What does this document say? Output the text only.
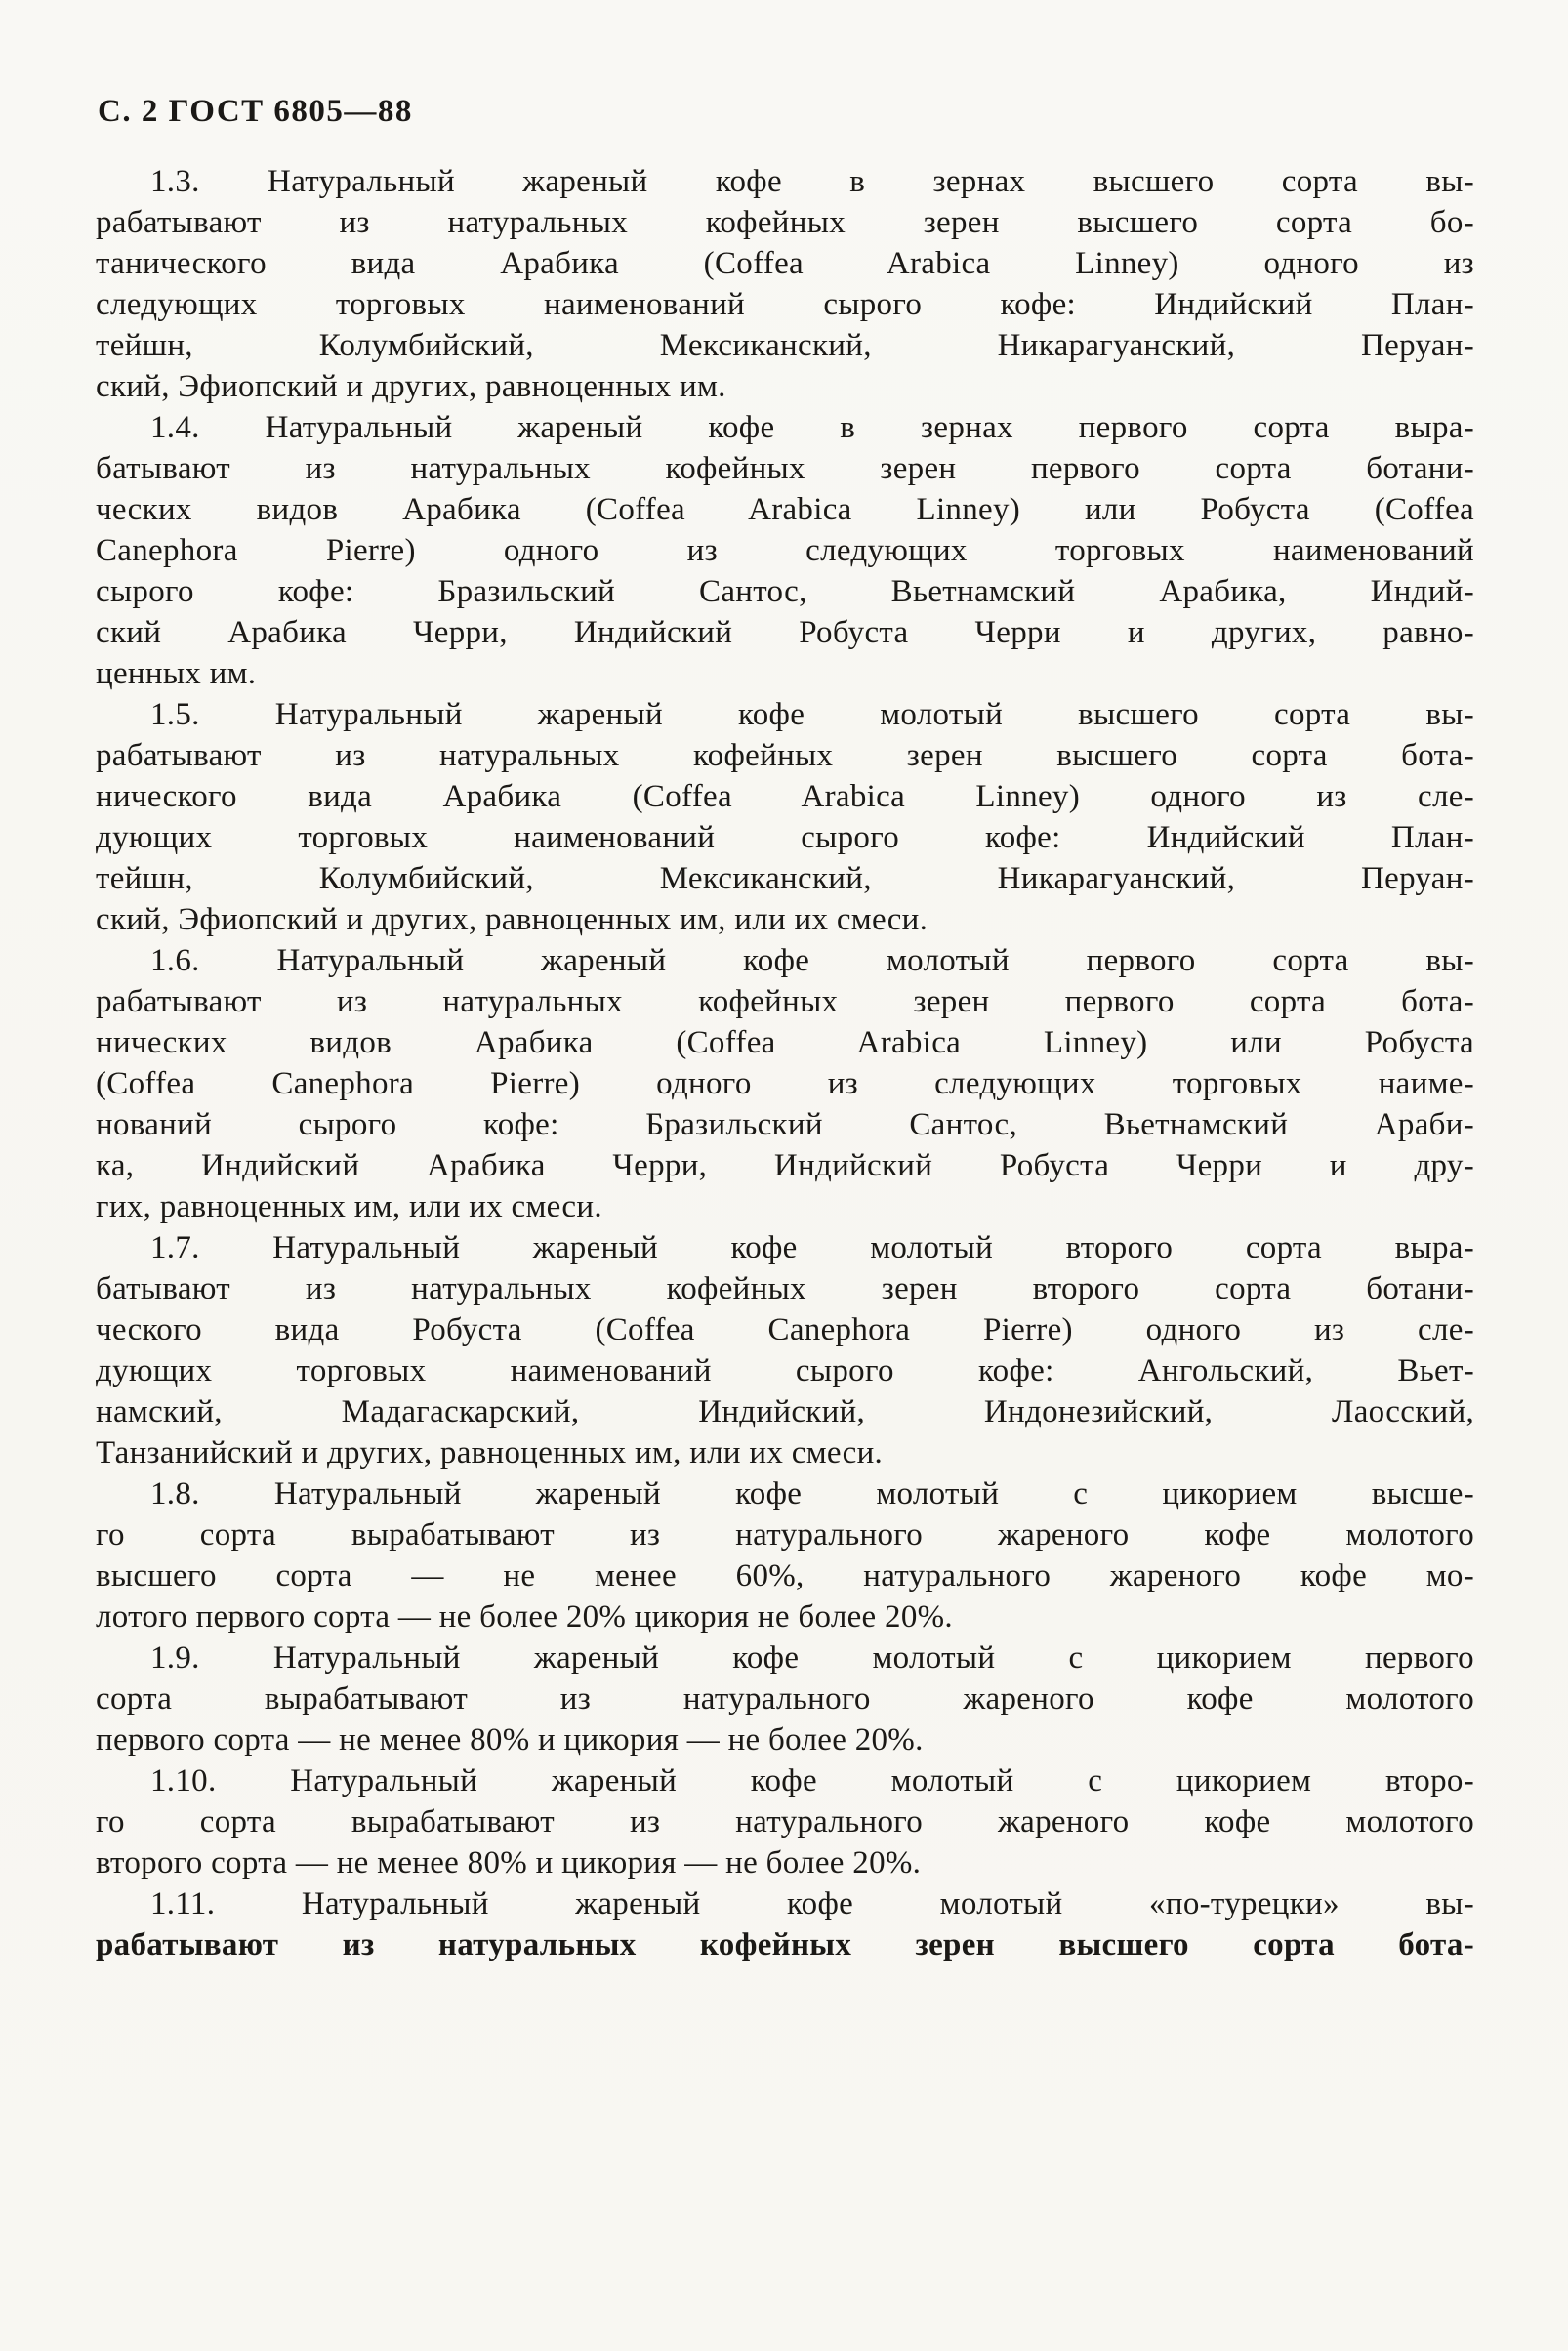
С. 2 ГОСТ 6805—88
1.3. Натуральный жареный кофе в зернах высшего сорта вы-
рабатывают из натуральных кофейных зерен высшего сорта бо-
танического вида Арабика (Coffea Arabica Linney) одного из
следующих торговых наименований сырого кофе: Индийский План-
тейшн, Колумбийский, Мексиканский, Никарагуанский, Перуан-
ский, Эфиопский и других, равноценных им.
1.4. Натуральный жареный кофе в зернах первого сорта выра-
батывают из натуральных кофейных зерен первого сорта ботани-
ческих видов Арабика (Coffea Arabica Linney) или Робуста (Coffea
Canephora Pierre) одного из следующих торговых наименований
сырого кофе: Бразильский Сантос, Вьетнамский Арабика, Индий-
ский Арабика Черри, Индийский Робуста Черри и других, равно-
ценных им.
1.5. Натуральный жареный кофе молотый высшего сорта вы-
рабатывают из натуральных кофейных зерен высшего сорта бота-
нического вида Арабика (Coffea Arabica Linney) одного из сле-
дующих торговых наименований сырого кофе: Индийский План-
тейшн, Колумбийский, Мексиканский, Никарагуанский, Перуан-
ский, Эфиопский и других, равноценных им, или их смеси.
1.6. Натуральный жареный кофе молотый первого сорта вы-
рабатывают из натуральных кофейных зерен первого сорта бота-
нических видов Арабика (Coffea Arabica Linney) или Робуста
(Coffea Canephora Pierre) одного из следующих торговых наиме-
нований сырого кофе: Бразильский Сантос, Вьетнамский Араби-
ка, Индийский Арабика Черри, Индийский Робуста Черри и дру-
гих, равноценных им, или их смеси.
1.7. Натуральный жареный кофе молотый второго сорта выра-
батывают из натуральных кофейных зерен второго сорта ботани-
ческого вида Робуста (Coffea Canephora Pierre) одного из сле-
дующих торговых наименований сырого кофе: Ангольский, Вьет-
намский, Мадагаскарский, Индийский, Индонезийский, Лаосский,
Танзанийский и других, равноценных им, или их смеси.
1.8. Натуральный жареный кофе молотый с цикорием высше-
го сорта вырабатывают из натурального жареного кофе молотого
высшего сорта — не менее 60%, натурального жареного кофе мо-
лотого первого сорта — не более 20% цикория не более 20%.
1.9. Натуральный жареный кофе молотый с цикорием первого
сорта вырабатывают из натурального жареного кофе молотого
первого сорта — не менее 80% и цикория — не более 20%.
1.10. Натуральный жареный кофе молотый с цикорием второ-
го сорта вырабатывают из натурального жареного кофе молотого
второго сорта — не менее 80% и цикория — не более 20%.
1.11. Натуральный жареный кофе молотый «по-турецки» вы-
рабатывают из натуральных кофейных зерен высшего сорта бота-
